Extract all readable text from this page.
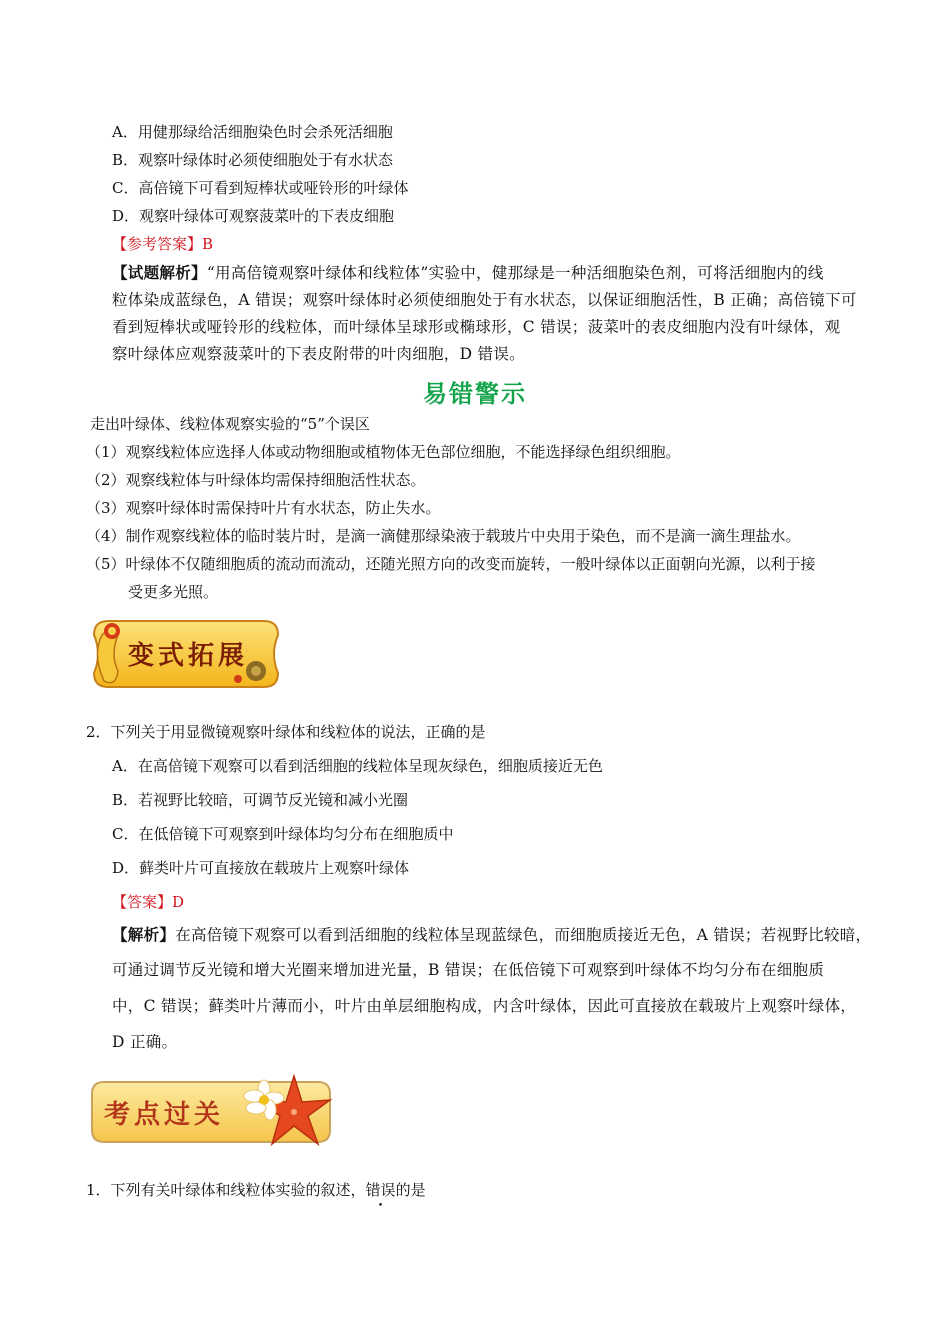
A．用健那绿给活细胞染色时会杀死活细胞
B．观察叶绿体时必须使细胞处于有水状态
C．高倍镜下可看到短棒状或哑铃形的叶绿体
D．观察叶绿体可观察菠菜叶的下表皮细胞
【参考答案】B
【试题解析】“用高倍镜观察叶绿体和线粒体”实验中，健那绿是一种活细胞染色剂，可将活细胞内的线
粒体染成蓝绿色，A 错误；观察叶绿体时必须使细胞处于有水状态，以保证细胞活性，B 正确；高倍镜下可
看到短棒状或哑铃形的线粒体，而叶绿体呈球形或椭球形，C 错误；菠菜叶的表皮细胞内没有叶绿体，观
察叶绿体应观察菠菜叶的下表皮附带的叶肉细胞，D 错误。
易错警示
走出叶绿体、线粒体观察实验的“5”个误区
（1）观察线粒体应选择人体或动物细胞或植物体无色部位细胞，不能选择绿色组织细胞。
（2）观察线粒体与叶绿体均需保持细胞活性状态。
（3）观察叶绿体时需保持叶片有水状态，防止失水。
（4）制作观察线粒体的临时装片时，是滴一滴健那绿染液于载玻片中央用于染色，而不是滴一滴生理盐水。
（5）叶绿体不仅随细胞质的流动而流动，还随光照方向的改变而旋转，一般叶绿体以正面朝向光源，以利于接
受更多光照。
变式拓展
2．下列关于用显微镜观察叶绿体和线粒体的说法，正确的是
A．在高倍镜下观察可以看到活细胞的线粒体呈现灰绿色，细胞质接近无色
B．若视野比较暗，可调节反光镜和减小光圈
C．在低倍镜下可观察到叶绿体均匀分布在细胞质中
D．藓类叶片可直接放在载玻片上观察叶绿体
【答案】D
【解析】在高倍镜下观察可以看到活细胞的线粒体呈现蓝绿色，而细胞质接近无色，A 错误；若视野比较暗，
可通过调节反光镜和增大光圈来增加进光量，B 错误；在低倍镜下可观察到叶绿体不均匀分布在细胞质
中，C 错误；藓类叶片薄而小，叶片由单层细胞构成，内含叶绿体，因此可直接放在载玻片上观察叶绿体，
D 正确。
考点过关
1．下列有关叶绿体和线粒体实验的叙述，错误的是
